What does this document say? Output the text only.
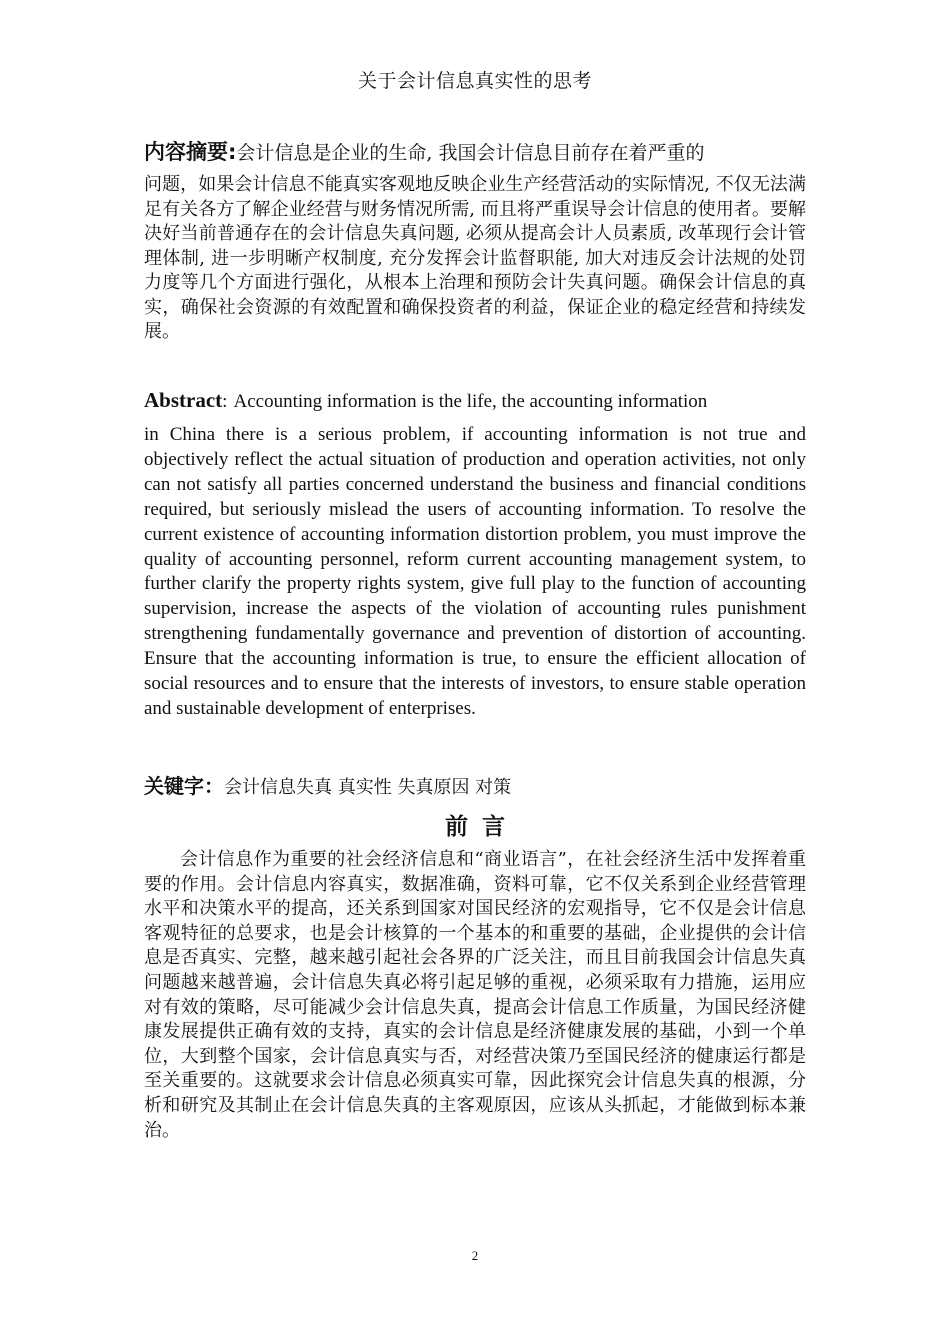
关于会计信息真实性的思考
内容摘要:会计信息是企业的生命, 我国会计信息目前存在着严重的
问题，如果会计信息不能真实客观地反映企业生产经营活动的实际情况, 不仅无法满足有关各方了解企业经营与财务情况所需, 而且将严重误导会计信息的使用者。要解决好当前普通存在的会计信息失真问题, 必须从提高会计人员素质, 改革现行会计管理体制, 进一步明晰产权制度, 充分发挥会计监督职能, 加大对违反会计法规的处罚力度等几个方面进行强化，从根本上治理和预防会计失真问题。确保会计信息的真实，确保社会资源的有效配置和确保投资者的利益，保证企业的稳定经营和持续发展。
Abstract: Accounting information is the life, the accounting information
in China there is a serious problem, if accounting information is not true and objectively reflect the actual situation of production and operation activities, not only can not satisfy all parties concerned understand the business and financial conditions required, but seriously mislead the users of accounting information. To resolve the current existence of accounting information distortion problem, you must improve the quality of accounting personnel, reform current accounting management system, to further clarify the property rights system, give full play to the function of accounting supervision, increase the aspects of the violation of accounting rules punishment strengthening fundamentally governance and prevention of distortion of accounting. Ensure that the accounting information is true, to ensure the efficient allocation of social resources and to ensure that the interests of investors, to ensure stable operation and sustainable development of enterprises.
关键字：会计信息失真 真实性 失真原因 对策
前言
会计信息作为重要的社会经济信息和“商业语言”，在社会经济生活中发挥着重要的作用。会计信息内容真实，数据准确，资料可靠，它不仅关系到企业经营管理水平和决策水平的提高，还关系到国家对国民经济的宏观指导，它不仅是会计信息客观特征的总要求，也是会计核算的一个基本的和重要的基础，企业提供的会计信息是否真实、完整，越来越引起社会各界的广泛关注，而且目前我国会计信息失真问题越来越普遍，会计信息失真必将引起足够的重视，必须采取有力措施，运用应对有效的策略，尽可能减少会计信息失真，提高会计信息工作质量，为国民经济健康发展提供正确有效的支持，真实的会计信息是经济健康发展的基础，小到一个单位，大到整个国家，会计信息真实与否，对经营决策乃至国民经济的健康运行都是至关重要的。这就要求会计信息必须真实可靠，因此探究会计信息失真的根源，分析和研究及其制止在会计信息失真的主客观原因，应该从头抓起，才能做到标本兼治。
2
